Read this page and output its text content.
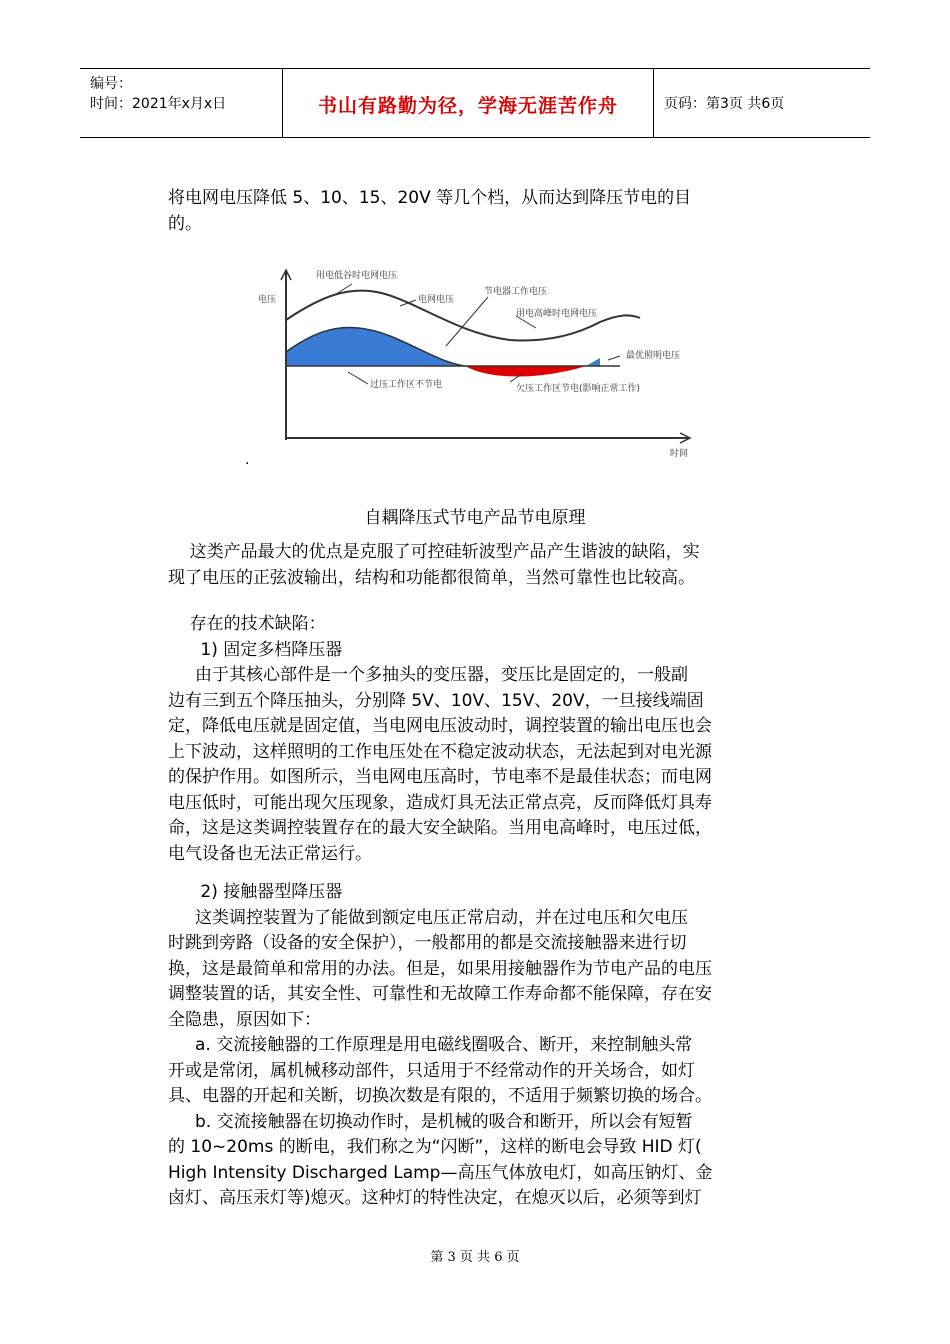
编号：
时间：2021年x月x日	书山有路勤为径，学海无涯苦作舟	页码：第3页 共6页
将电网电压降低 5、10、15、20V 等几个档，从而达到降压节电的目
的。
电压
时间
用电低谷时电网电压
电网电压
节电器工作电压
用电高峰时电网电压
最优照明电压
过压工作区不节电	欠压工作区节电(影响正常工作)
.
自耦降压式节电产品节电原理
这类产品最大的优点是克服了可控硅斩波型产品产生谐波的缺陷，实
现了电压的正弦波输出，结构和功能都很简单，当然可靠性也比较高。
存在的技术缺陷：
1) 固定多档降压器
由于其核心部件是一个多抽头的变压器，变压比是固定的，一般副
边有三到五个降压抽头，分别降 5V、10V、15V、20V，一旦接线端固
定，降低电压就是固定值，当电网电压波动时，调控装置的输出电压也会
上下波动，这样照明的工作电压处在不稳定波动状态，无法起到对电光源
的保护作用。如图所示，当电网电压高时，节电率不是最佳状态；而电网
电压低时，可能出现欠压现象，造成灯具无法正常点亮，反而降低灯具寿
命，这是这类调控装置存在的最大安全缺陷。当用电高峰时，电压过低，
电气设备也无法正常运行。
2) 接触器型降压器
这类调控装置为了能做到额定电压正常启动，并在过电压和欠电压
时跳到旁路（设备的安全保护），一般都用的都是交流接触器来进行切
换，这是最简单和常用的办法。但是，如果用接触器作为节电产品的电压
调整装置的话，其安全性、可靠性和无故障工作寿命都不能保障，存在安
全隐患，原因如下：
a. 交流接触器的工作原理是用电磁线圈吸合、断开，来控制触头常
开或是常闭，属机械移动部件，只适用于不经常动作的开关场合，如灯
具、电器的开起和关断，切换次数是有限的，不适用于频繁切换的场合。
b. 交流接触器在切换动作时，是机械的吸合和断开，所以会有短暂
的 10~20ms 的断电，我们称之为“闪断”，这样的断电会导致 HID 灯(
High Intensity Discharged Lamp—高压气体放电灯，如高压钠灯、金
卤灯、高压汞灯等)熄灭。这种灯的特性决定，在熄灭以后，必须等到灯
第 3 页 共 6 页
